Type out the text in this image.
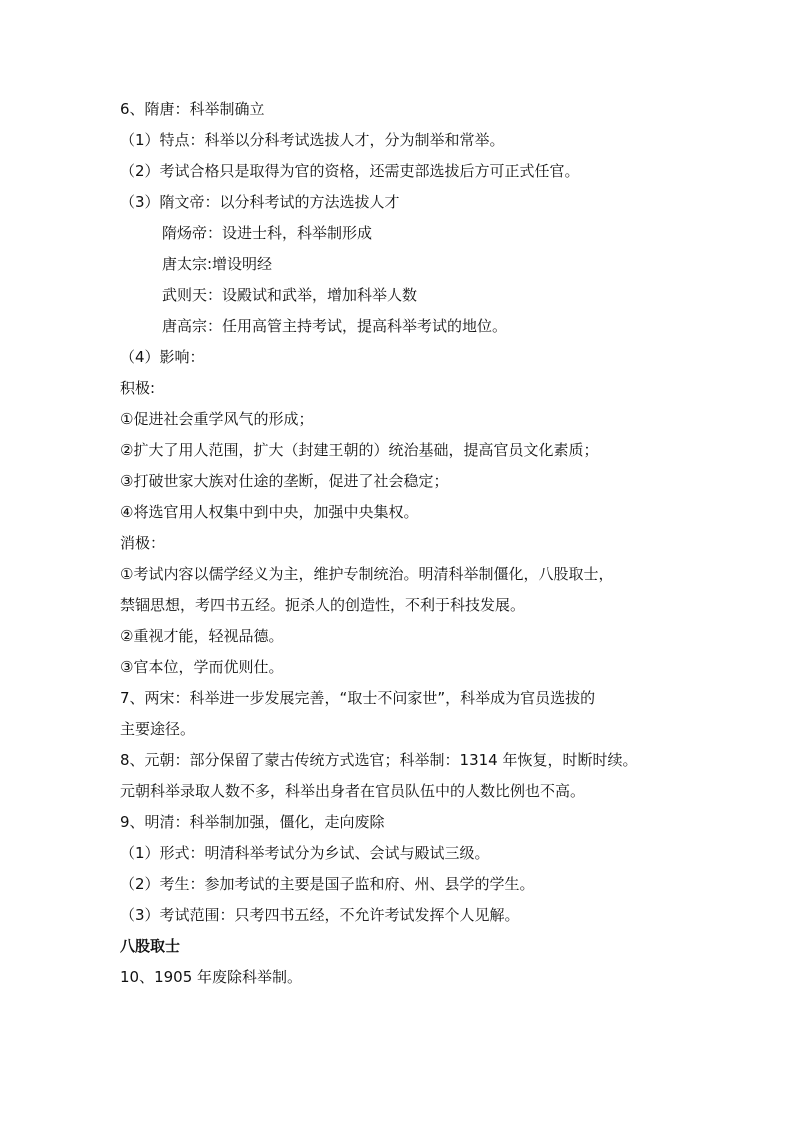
6、隋唐：科举制确立
（1）特点：科举以分科考试选拔人才，分为制举和常举。
（2）考试合格只是取得为官的资格，还需吏部选拔后方可正式任官。
（3）隋文帝：以分科考试的方法选拔人才
隋炀帝：设进士科，科举制形成
唐太宗:增设明经
武则天：设殿试和武举，增加科举人数
唐高宗：任用高管主持考试，提高科举考试的地位。
（4）影响：
积极:
①促进社会重学风气的形成；
②扩大了用人范围，扩大（封建王朝的）统治基础，提高官员文化素质；
③打破世家大族对仕途的垄断，促进了社会稳定；
④将选官用人权集中到中央，加强中央集权。
消极：
①考试内容以儒学经义为主，维护专制统治。明清科举制僵化，八股取士，
禁锢思想，考四书五经。扼杀人的创造性，不利于科技发展。
②重视才能，轻视品德。
③官本位，学而优则仕。
7、两宋：科举进一步发展完善，“取士不问家世”，科举成为官员选拔的
主要途径。
8、元朝：部分保留了蒙古传统方式选官；科举制：1314 年恢复，时断时续。
元朝科举录取人数不多，科举出身者在官员队伍中的人数比例也不高。
9、明清：科举制加强，僵化，走向废除
（1）形式：明清科举考试分为乡试、会试与殿试三级。
（2）考生：参加考试的主要是国子监和府、州、县学的学生。
（3）考试范围：只考四书五经，不允许考试发挥个人见解。
八股取士
10、1905 年废除科举制。
